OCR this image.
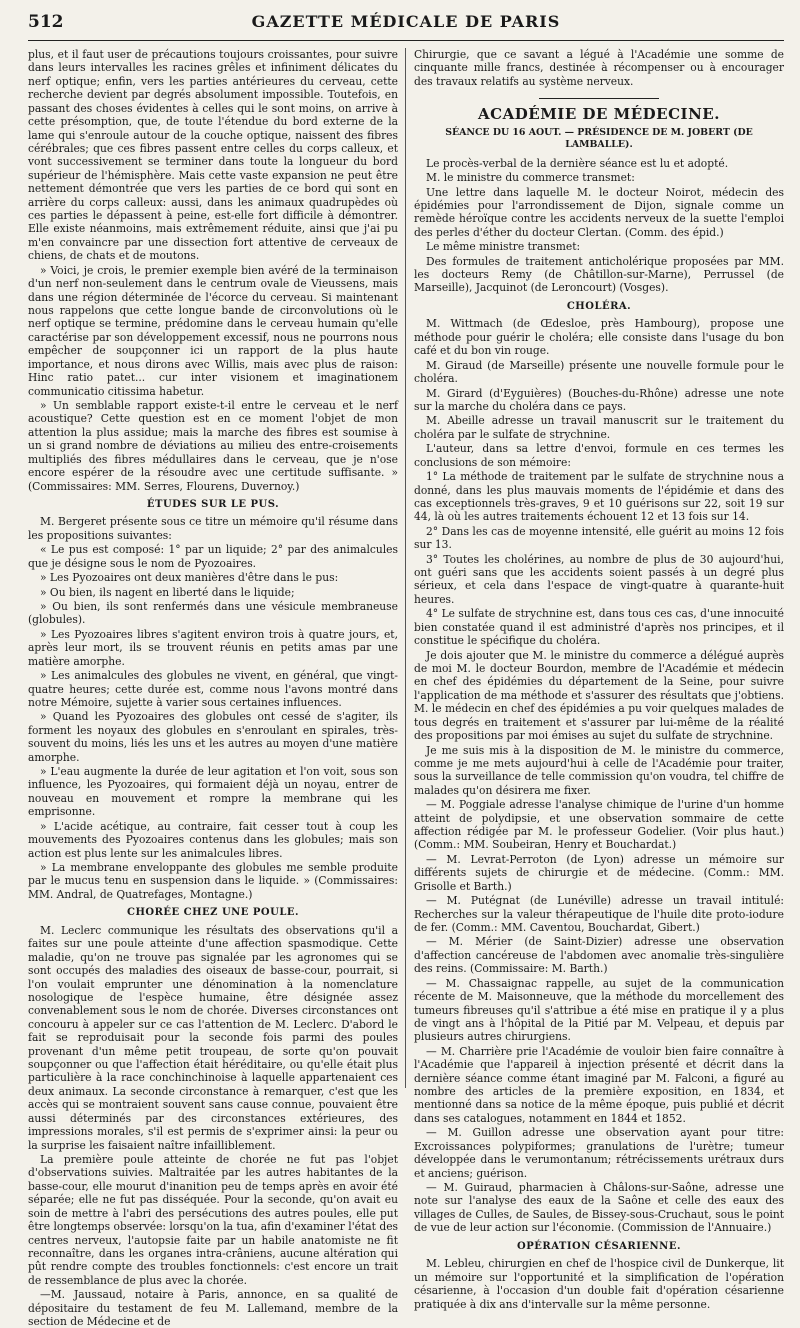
512	GAZETTE MÉDICALE DE PARIS

plus, et il faut user de précautions toujours croissantes, pour suivre dans leurs intervalles les racines grêles et infiniment délicates du nerf optique; enfin, vers les parties antérieures du cerveau, cette recherche devient par degrés absolument impossible. Toutefois, en passant des choses évidentes à celles qui le sont moins, on arrive à cette présomption, que, de toute l'étendue du bord externe de la lame qui s'enroule autour de la couche optique, naissent des fibres cérébrales; que ces fibres passent entre celles du corps calleux, et vont successivement se terminer dans toute la longueur du bord supérieur de l'hémisphère. Mais cette vaste expansion ne peut être nettement démontrée que vers les parties de ce bord qui sont en arrière du corps calleux: aussi, dans les animaux quadrupèdes où ces parties le dépassent à peine, est-elle fort difficile à démontrer. Elle existe néanmoins, mais extrêmement réduite, ainsi que j'ai pu m'en convaincre par une dissection fort attentive de cerveaux de chiens, de chats et de moutons.

» Voici, je crois, le premier exemple bien avéré de la terminaison d'un nerf non-seulement dans le centrum ovale de Vieussens, mais dans une région déterminée de l'écorce du cerveau. Si maintenant nous rappelons que cette longue bande de circonvolutions où le nerf optique se termine, prédomine dans le cerveau humain qu'elle caractérise par son développement excessif, nous ne pourrons nous empêcher de soupçonner ici un rapport de la plus haute importance, et nous dirons avec Willis, mais avec plus de raison: Hinc ratio patet... cur inter visionem et imaginationem communicatio citissima habetur.

» Un semblable rapport existe-t-il entre le cerveau et le nerf acoustique? Cette question est en ce moment l'objet de mon attention la plus assidue; mais la marche des fibres est soumise à un si grand nombre de déviations au milieu des entre-croisements multipliés des fibres médullaires dans le cerveau, que je n'ose encore espérer de la résoudre avec une certitude suffisante. » (Commissaires: MM. Serres, Flourens, Duvernoy.)

ÉTUDES SUR LE PUS.

M. Bergeret présente sous ce titre un mémoire qu'il résume dans les propositions suivantes:

« Le pus est composé: 1° par un liquide; 2° par des animalcules que je désigne sous le nom de Pyozoaires.

» Les Pyozoaires ont deux manières d'être dans le pus:

» Ou bien, ils nagent en liberté dans le liquide;

» Ou bien, ils sont renfermés dans une vésicule membraneuse (globules).

» Les Pyozoaires libres s'agitent environ trois à quatre jours, et, après leur mort, ils se trouvent réunis en petits amas par une matière amorphe.

» Les animalcules des globules ne vivent, en général, que vingt-quatre heures; cette durée est, comme nous l'avons montré dans notre Mémoire, sujette à varier sous certaines influences.

» Quand les Pyozoaires des globules ont cessé de s'agiter, ils forment les noyaux des globules en s'enroulant en spirales, très-souvent du moins, liés les uns et les autres au moyen d'une matière amorphe.

» L'eau augmente la durée de leur agitation et l'on voit, sous son influence, les Pyozoaires, qui formaient déjà un noyau, entrer de nouveau en mouvement et rompre la membrane qui les emprisonne.

» L'acide acétique, au contraire, fait cesser tout à coup les mouvements des Pyozoaires contenus dans les globules; mais son action est plus lente sur les animalcules libres.

» La membrane enveloppante des globules me semble produite par le mucus tenu en suspension dans le liquide. » (Commissaires: MM. Andral, de Quatrefages, Montagne.)

CHORÉE CHEZ UNE POULE.

M. Leclerc communique les résultats des observations qu'il a faites sur une poule atteinte d'une affection spasmodique. Cette maladie, qu'on ne trouve pas signalée par les agronomes qui se sont occupés des maladies des oiseaux de basse-cour, pourrait, si l'on voulait emprunter une dénomination à la nomenclature nosologique de l'espèce humaine, être désignée assez convenablement sous le nom de chorée. Diverses circonstances ont concouru à appeler sur ce cas l'attention de M. Leclerc. D'abord le fait se reproduisait pour la seconde fois parmi des poules provenant d'un même petit troupeau, de sorte qu'on pouvait soupçonner ou que l'affection était héréditaire, ou qu'elle était plus particulière à la race conchinchinoise à laquelle appartenaient ces deux animaux. La seconde circonstance à remarquer, c'est que les accès qui se montraient souvent sans cause connue, pouvaient être aussi déterminés par des circonstances extérieures, des impressions morales, s'il est permis de s'exprimer ainsi: la peur ou la surprise les faisaient naître infailliblement.

La première poule atteinte de chorée ne fut pas l'objet d'observations suivies. Maltraitée par les autres habitantes de la basse-cour, elle mourut d'inanition peu de temps après en avoir été séparée; elle ne fut pas disséquée. Pour la seconde, qu'on avait eu soin de mettre à l'abri des persécutions des autres poules, elle put être longtemps observée: lorsqu'on la tua, afin d'examiner l'état des centres nerveux, l'autopsie faite par un habile anatomiste ne fit reconnaître, dans les organes intra-crâniens, aucune altération qui pût rendre compte des troubles fonctionnels: c'est encore un trait de ressemblance de plus avec la chorée.

—M. Jaussaud, notaire à Paris, annonce, en sa qualité de dépositaire du testament de feu M. Lallemand, membre de la section de Médecine et de

Chirurgie, que ce savant a légué à l'Académie une somme de cinquante mille francs, destinée à récompenser ou à encourager des travaux relatifs au système nerveux.

ACADÉMIE DE MÉDECINE.
SÉANCE DU 16 AOUT. — PRÉSIDENCE DE M. JOBERT (DE LAMBALLE).

Le procès-verbal de la dernière séance est lu et adopté.

M. le ministre du commerce transmet:

Une lettre dans laquelle M. le docteur Noirot, médecin des épidémies pour l'arrondissement de Dijon, signale comme un remède héroïque contre les accidents nerveux de la suette l'emploi des perles d'éther du docteur Clertan. (Comm. des épid.)

Le même ministre transmet:

Des formules de traitement anticholérique proposées par MM. les docteurs Remy (de Châtillon-sur-Marne), Perrussel (de Marseille), Jacquinot (de Leroncourt) (Vosges).

CHOLÉRA.

M. Wittmach (de Œdesloe, près Hambourg), propose une méthode pour guérir le choléra; elle consiste dans l'usage du bon café et du bon vin rouge.

M. Giraud (de Marseille) présente une nouvelle formule pour le choléra.

M. Girard (d'Eyguières) (Bouches-du-Rhône) adresse une note sur la marche du choléra dans ce pays.

M. Abeille adresse un travail manuscrit sur le traitement du choléra par le sulfate de strychnine.

L'auteur, dans sa lettre d'envoi, formule en ces termes les conclusions de son mémoire:

1° La méthode de traitement par le sulfate de strychnine nous a donné, dans les plus mauvais moments de l'épidémie et dans des cas exceptionnels très-graves, 9 et 10 guérisons sur 22, soit 19 sur 44, là où les autres traitements échouent 12 et 13 fois sur 14.

2° Dans les cas de moyenne intensité, elle guérit au moins 12 fois sur 13.

3° Toutes les cholérines, au nombre de plus de 30 aujourd'hui, ont guéri sans que les accidents soient passés à un degré plus sérieux, et cela dans l'espace de vingt-quatre à quarante-huit heures.

4° Le sulfate de strychnine est, dans tous ces cas, d'une innocuité bien constatée quand il est administré d'après nos principes, et il constitue le spécifique du choléra.

Je dois ajouter que M. le ministre du commerce a délégué auprès de moi M. le docteur Bourdon, membre de l'Académie et médecin en chef des épidémies du département de la Seine, pour suivre l'application de ma méthode et s'assurer des résultats que j'obtiens. M. le médecin en chef des épidémies a pu voir quelques malades de tous degrés en traitement et s'assurer par lui-même de la réalité des propositions par moi émises au sujet du sulfate de strychnine.

Je me suis mis à la disposition de M. le ministre du commerce, comme je me mets aujourd'hui à celle de l'Académie pour traiter, sous la surveillance de telle commission qu'on voudra, tel chiffre de malades qu'on désirera me fixer.

— M. Poggiale adresse l'analyse chimique de l'urine d'un homme atteint de polydipsie, et une observation sommaire de cette affection rédigée par M. le professeur Godelier. (Voir plus haut.) (Comm.: MM. Soubeiran, Henry et Bouchardat.)

— M. Levrat-Perroton (de Lyon) adresse un mémoire sur différents sujets de chirurgie et de médecine. (Comm.: MM. Grisolle et Barth.)

— M. Putégnat (de Lunéville) adresse un travail intitulé: Recherches sur la valeur thérapeutique de l'huile dite proto-iodure de fer. (Comm.: MM. Caventou, Bouchardat, Gibert.)

— M. Mérier (de Saint-Dizier) adresse une observation d'affection cancéreuse de l'abdomen avec anomalie très-singulière des reins. (Commissaire: M. Barth.)

— M. Chassaignac rappelle, au sujet de la communication récente de M. Maisonneuve, que la méthode du morcellement des tumeurs fibreuses qu'il s'attribue a été mise en pratique il y a plus de vingt ans à l'hôpital de la Pitié par M. Velpeau, et depuis par plusieurs autres chirurgiens.

— M. Charrière prie l'Académie de vouloir bien faire connaître à l'Académie que l'appareil à injection présenté et décrit dans la dernière séance comme étant imaginé par M. Falconi, a figuré au nombre des articles de la première exposition, en 1834, et mentionné dans sa notice de la même époque, puis publié et décrit dans ses catalogues, notamment en 1844 et 1852.

— M. Guillon adresse une observation ayant pour titre: Excroissances polypiformes; granulations de l'urètre; tumeur développée dans le verumontanum; rétrécissements urétraux durs et anciens; guérison.

— M. Guiraud, pharmacien à Châlons-sur-Saône, adresse une note sur l'analyse des eaux de la Saône et celle des eaux des villages de Culles, de Saules, de Bissey-sous-Cruchaut, sous le point de vue de leur action sur l'économie. (Commission de l'Annuaire.)

OPÉRATION CÉSARIENNE.

M. Lebleu, chirurgien en chef de l'hospice civil de Dunkerque, lit un mémoire sur l'opportunité et la simplification de l'opération césarienne, à l'occasion d'un double fait d'opération césarienne pratiquée à dix ans d'intervalle sur la même personne.
